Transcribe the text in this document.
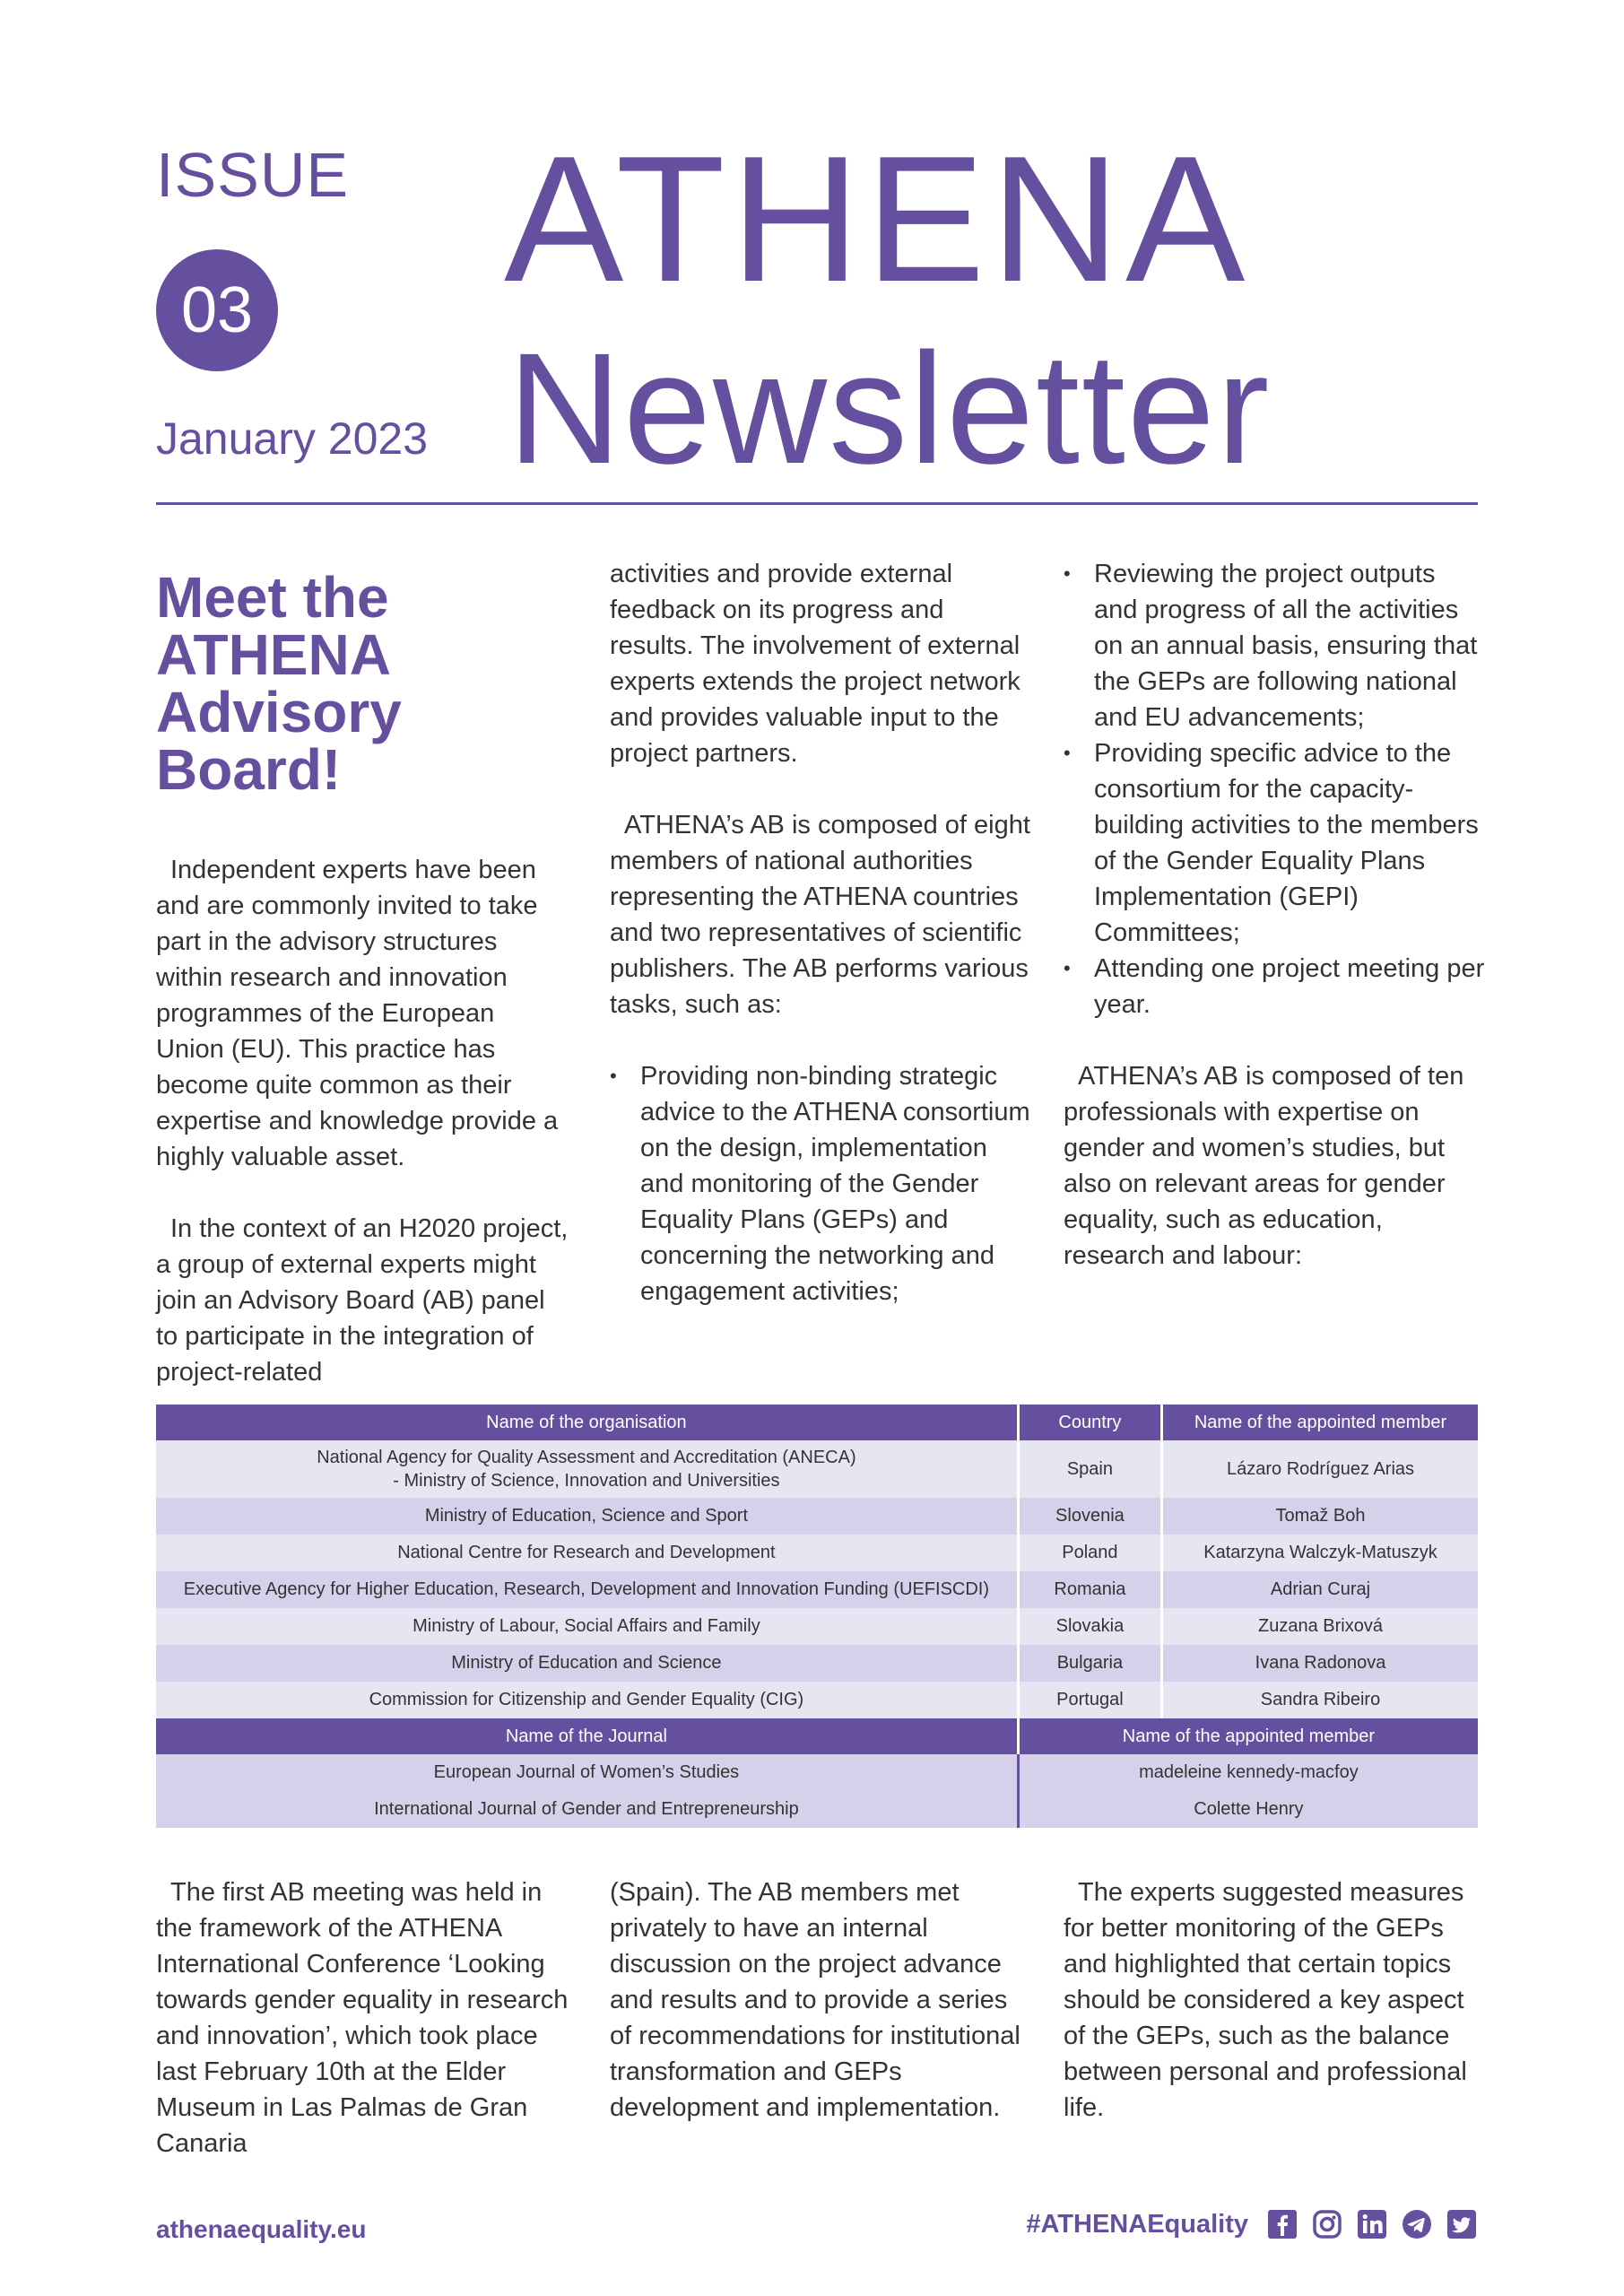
ISSUE
03
January 2023
ATHENA
Newsletter
Meet the ATHENA Advisory Board!

Independent experts have been and are commonly invited to take part in the advisory structures within research and innovation programmes of the European Union (EU). This practice has become quite common as their expertise and knowledge provide a highly valuable asset.

In the context of an H2020 project, a group of external experts might join an Advisory Board (AB) panel to participate in the integration of project-related

activities and provide external feedback on its progress and results. The involvement of external experts extends the project network and provides valuable input to the project partners.

ATHENA’s AB is composed of eight members of national authorities representing the ATHENA countries and two representatives of scientific publishers. The AB performs various tasks, such as:

• Providing non-binding strategic advice to the ATHENA consortium on the design, implementation and monitoring of the Gender Equality Plans (GEPs) and concerning the networking and engagement activities;
• Reviewing the project outputs and progress of all the activities on an annual basis, ensuring that the GEPs are following national and EU advancements;
• Providing specific advice to the consortium for the capacity-building activities to the members of the Gender Equality Plans Implementation (GEPI) Committees;
• Attending one project meeting per year.

ATHENA’s AB is composed of ten professionals with expertise on gender and women’s studies, but also on relevant areas for gender equality, such as education, research and labour:

Name of the organisation	Country	Name of the appointed member
National Agency for Quality Assessment and Accreditation (ANECA)
- Ministry of Science, Innovation and Universities	Spain	Lázaro Rodríguez Arias
Ministry of Education, Science and Sport	Slovenia	Tomaž Boh
National Centre for Research and Development	Poland	Katarzyna Walczyk-Matuszyk
Executive Agency for Higher Education, Research, Development and Innovation Funding (UEFISCDI)	Romania	Adrian Curaj
Ministry of Labour, Social Affairs and Family	Slovakia	Zuzana Brixová
Ministry of Education and Science	Bulgaria	Ivana Radonova
Commission for Citizenship and Gender Equality (CIG)	Portugal	Sandra Ribeiro
Name of the Journal	Name of the appointed member	
European Journal of Women’s Studies	madeleine kennedy-macfoy	
International Journal of Gender and Entrepreneurship	Colette Henry	

The first AB meeting was held in the framework of the ATHENA International Conference ‘Looking towards gender equality in research and innovation’, which took place last February 10th at the Elder Museum in Las Palmas de Gran Canaria

(Spain). The AB members met privately to have an internal discussion on the project advance and results and to provide a series of recommendations for institutional transformation and GEPs development and implementation.

The experts suggested measures for better monitoring of the GEPs and highlighted that certain topics should be considered a key aspect of the GEPs, such as the balance between personal and professional life.

athenaequality.eu	#ATHENAEquality
